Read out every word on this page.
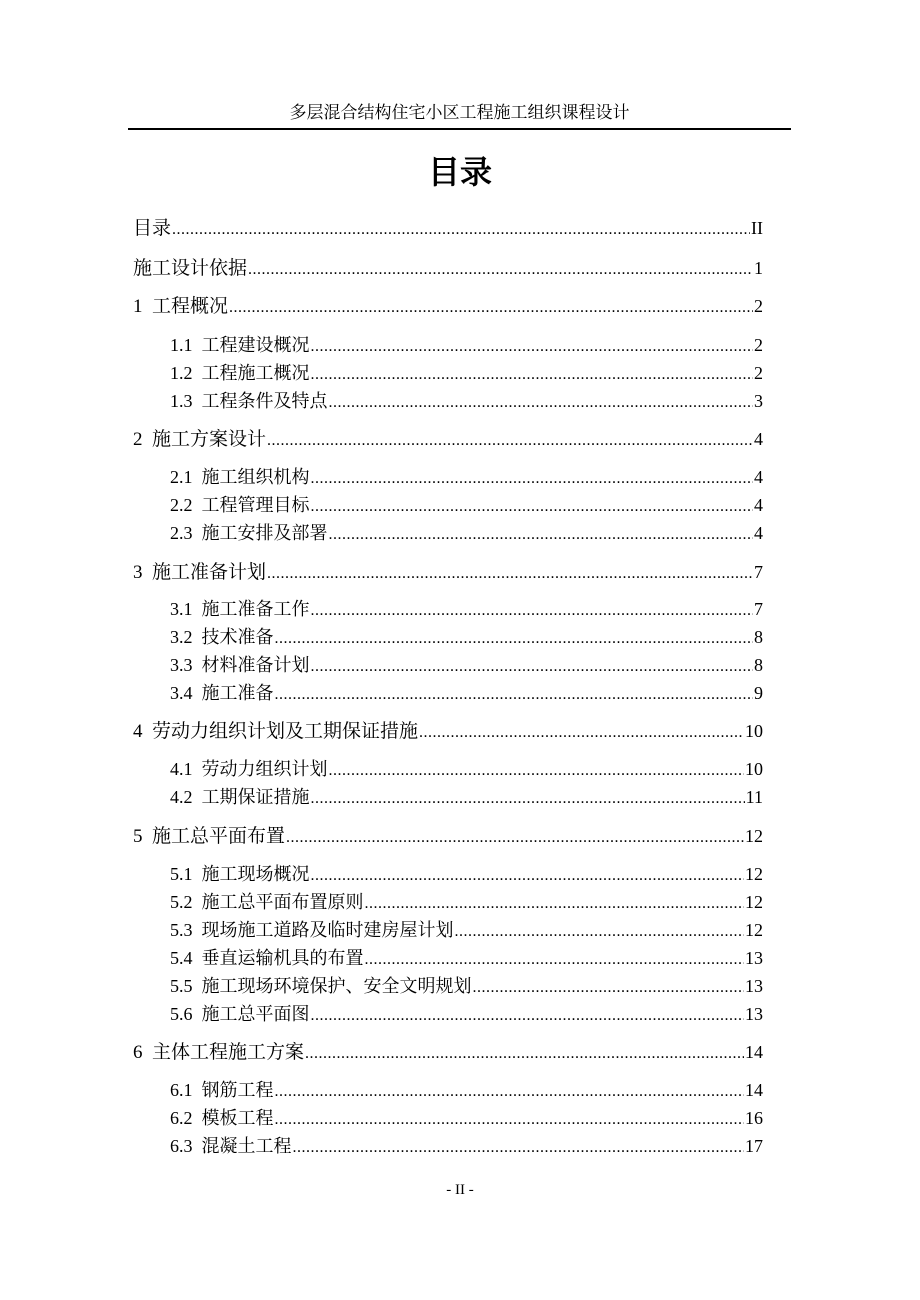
多层混合结构住宅小区工程施工组织课程设计
目录
目录 .....	II
施工设计依据 .....	1
1 工程概况 .....	2
1.1 工程建设概况 .....	2
1.2 工程施工概况 .....	2
1.3 工程条件及特点 .....	3
2 施工方案设计 .....	4
2.1 施工组织机构 .....	4
2.2 工程管理目标 .....	4
2.3 施工安排及部署 .....	4
3 施工准备计划 .....	7
3.1 施工准备工作 .....	7
3.2 技术准备 .....	8
3.3 材料准备计划 .....	8
3.4 施工准备 .....	9
4 劳动力组织计划及工期保证措施 .....	10
4.1 劳动力组织计划 .....	10
4.2 工期保证措施 .....	11
5 施工总平面布置 .....	12
5.1 施工现场概况 .....	12
5.2 施工总平面布置原则 .....	12
5.3 现场施工道路及临时建房屋计划 .....	12
5.4 垂直运输机具的布置 .....	13
5.5 施工现场环境保护、安全文明规划 .....	13
5.6 施工总平面图 .....	13
6 主体工程施工方案 .....	14
6.1 钢筋工程 .....	14
6.2 模板工程 .....	16
6.3 混凝土工程 .....	17
- II -
